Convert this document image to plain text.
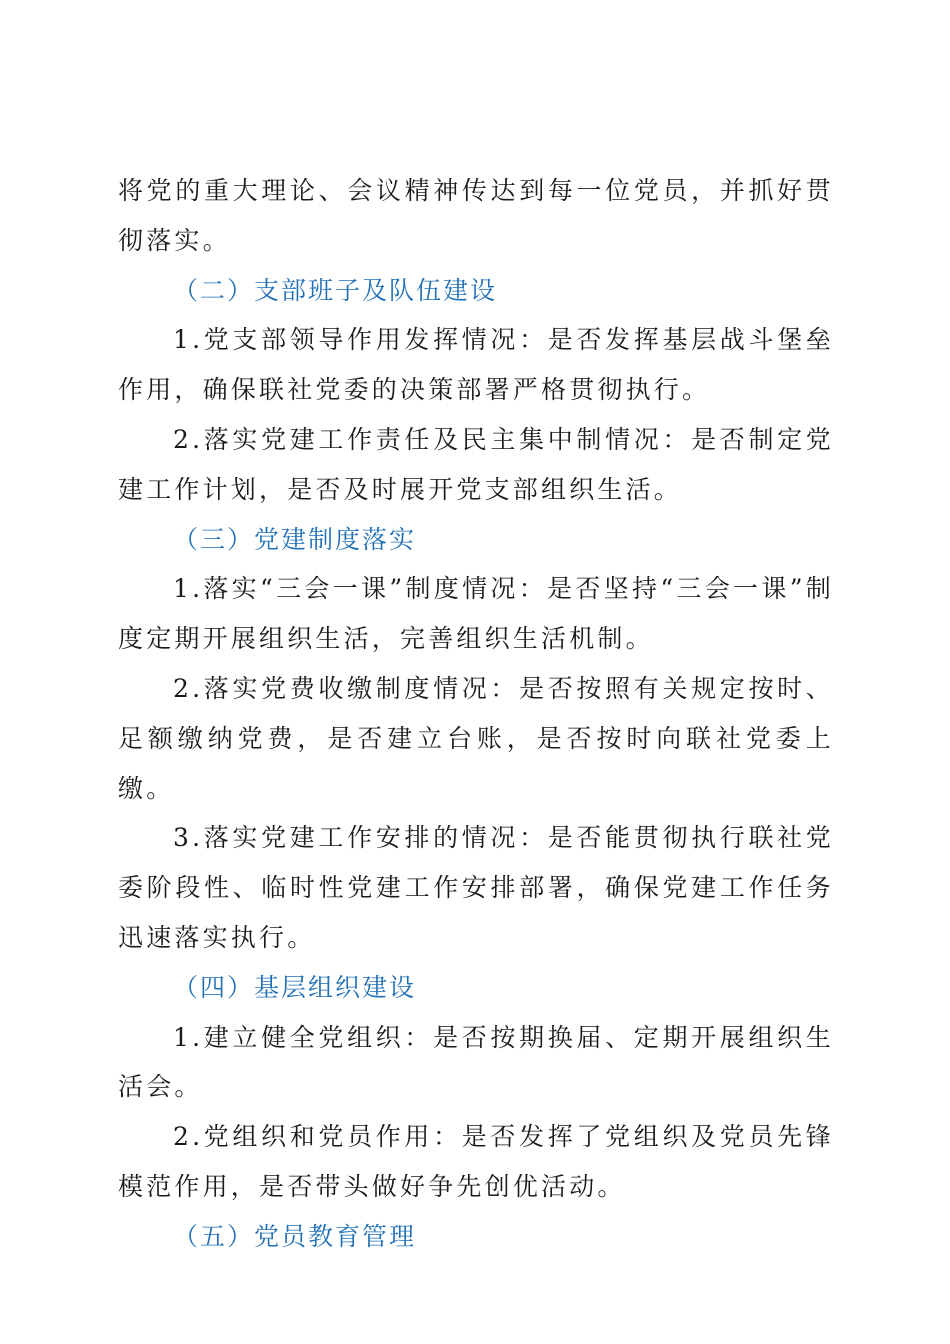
将党的重大理论、会议精神传达到每一位党员，并抓好贯彻落实。

（二）支部班子及队伍建设

1.党支部领导作用发挥情况：是否发挥基层战斗堡垒作用，确保联社党委的决策部署严格贯彻执行。

2.落实党建工作责任及民主集中制情况：是否制定党建工作计划，是否及时展开党支部组织生活。

（三）党建制度落实

1.落实“三会一课”制度情况：是否坚持“三会一课”制度定期开展组织生活，完善组织生活机制。

2.落实党费收缴制度情况：是否按照有关规定按时、足额缴纳党费，是否建立台账，是否按时向联社党委上缴。

3.落实党建工作安排的情况：是否能贯彻执行联社党委阶段性、临时性党建工作安排部署，确保党建工作任务迅速落实执行。

（四）基层组织建设

1.建立健全党组织：是否按期换届、定期开展组织生活会。

2.党组织和党员作用：是否发挥了党组织及党员先锋模范作用，是否带头做好争先创优活动。

（五）党员教育管理
